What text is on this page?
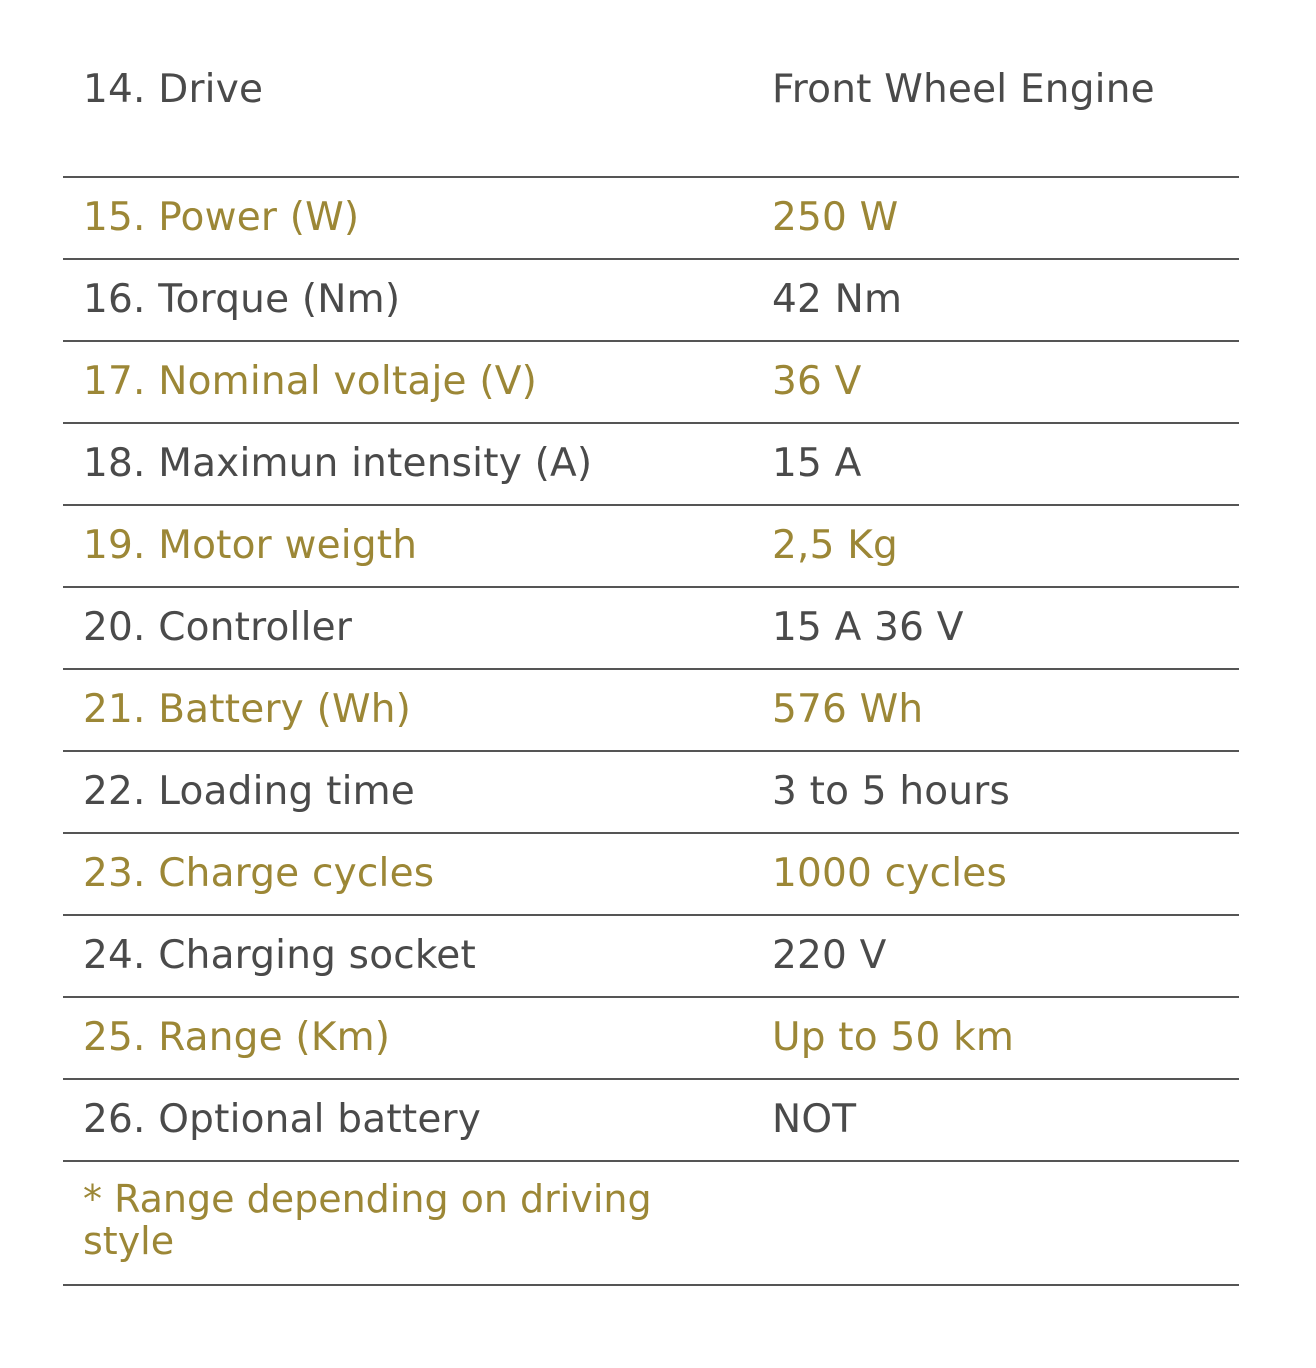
14. Drive	Front Wheel Engine
15. Power (W)	250 W
16. Torque (Nm)	42 Nm
17. Nominal voltaje (V)	36 V
18. Maximun intensity (A)	15 A
19. Motor weigth	2,5 Kg
20. Controller	15 A 36 V
21. Battery (Wh)	576 Wh
22. Loading time	3 to 5 hours
23. Charge cycles	1000 cycles
24. Charging socket	220 V
25. Range (Km)	Up to 50 km
26. Optional battery	NOT
* Range depending on driving style
